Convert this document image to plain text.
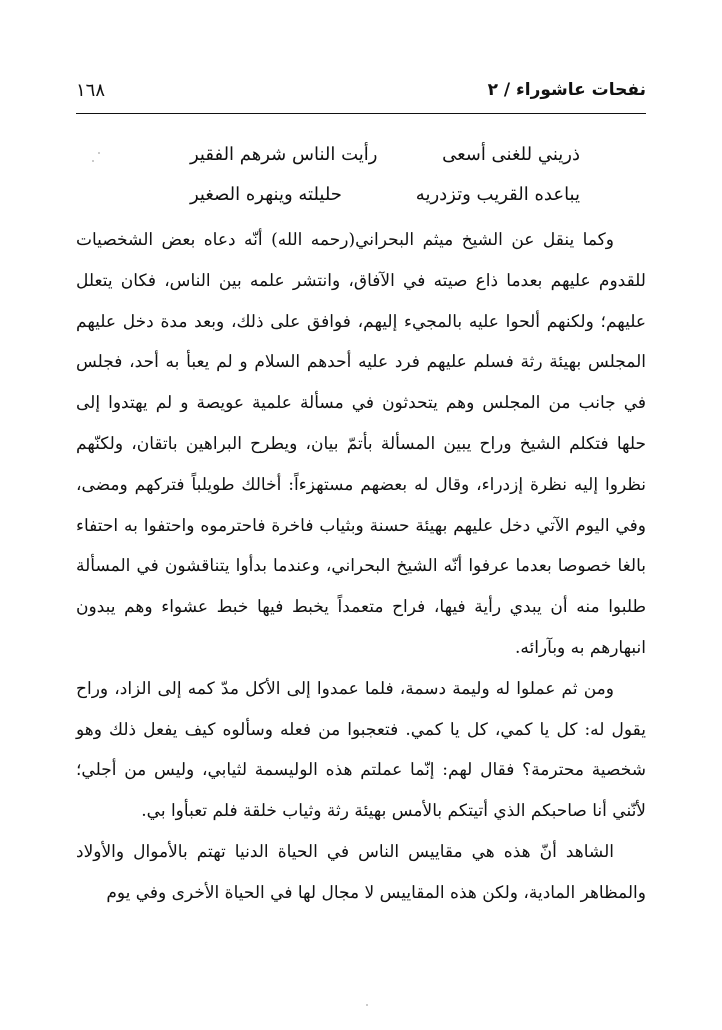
١٦٨	نفحات عاشوراء / ٢
ذريني للغنى أسعى
رأيت الناس شرهم الفقير
يباعده القريب وتزدريه
حليلته وينهره الصغير

وكما ينقل عن الشيخ ميثم البحراني(رحمه الله) أنّه دعاه بعض الشخصيات للقدوم عليهم بعدما ذاع صيته في الآفاق، وانتشر علمه بين الناس، فكان يتعلل عليهم؛ ولكنهم ألحوا عليه بالمجيء إليهم، فوافق على ذلك، وبعد مدة دخل عليهم المجلس بهيئة رثة فسلم عليهم فرد عليه أحدهم السلام و لم يعبأ به أحد، فجلس في جانب من المجلس وهم يتحدثون في مسألة علمية عويصة و لم يهتدوا إلى حلها فتكلم الشيخ وراح يبين المسألة بأتمّ بيان، ويطرح البراهين باتقان، ولكنّهم نظروا إليه نظرة إزدراء، وقال له بعضهم مستهزءاً: أخالك طويلباً فتركهم ومضى، وفي اليوم الآتي دخل عليهم بهيئة حسنة وبثياب فاخرة فاحترموه واحتفوا به احتفاء بالغا خصوصا بعدما عرفوا أنّه الشيخ البحراني، وعندما بدأوا يتناقشون في المسألة طلبوا منه أن يبدي رأية فيها، فراح متعمداً يخبط فيها خبط عشواء وهم يبدون انبهارهم به وبآرائه.

ومن ثم عملوا له وليمة دسمة، فلما عمدوا إلى الأكل مدّ كمه إلى الزاد، وراح يقول له: كل يا كمي، كل يا كمي. فتعجبوا من فعله وسألوه كيف يفعل ذلك وهو شخصية محترمة؟ فقال لهم: إنّما عملتم هذه الوليسمة لثيابي، وليس من أجلي؛ لأنّني أنا صاحبكم الذي أتيتكم بالأمس بهيئة رثة وثياب خلقة فلم تعبأوا بي.

الشاهد أنّ هذه هي مقاييس الناس في الحياة الدنيا تهتم بالأموال والأولاد والمظاهر المادية، ولكن هذه المقاييس لا مجال لها في الحياة الأخرى وفي يوم
